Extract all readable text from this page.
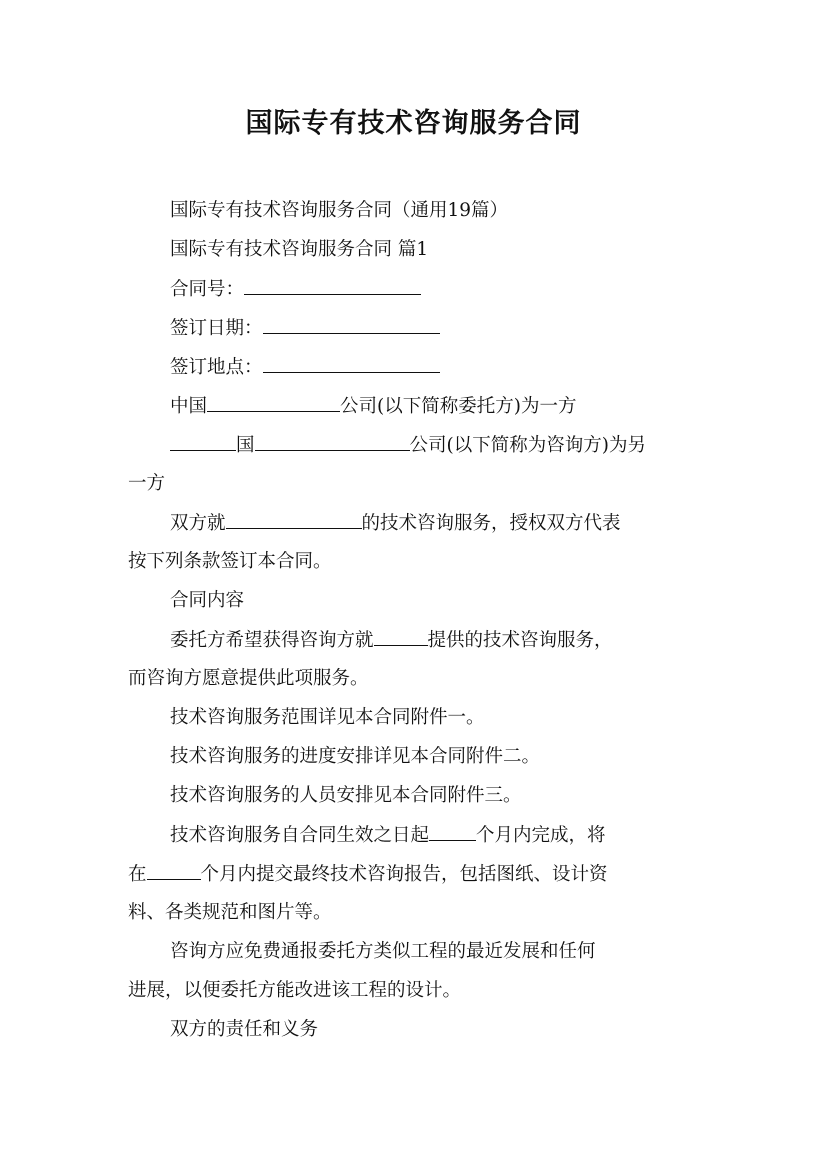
国际专有技术咨询服务合同
国际专有技术咨询服务合同（通用19篇）
国际专有技术咨询服务合同 篇1
合同号：
签订日期：
签订地点：
中国	公司(以下简称委托方)为一方
国	公司(以下简称为咨询方)为另
一方
双方就	的技术咨询服务，授权双方代表
按下列条款签订本合同。
合同内容
委托方希望获得咨询方就	提供的技术咨询服务，
而咨询方愿意提供此项服务。
技术咨询服务范围详见本合同附件一。
技术咨询服务的进度安排详见本合同附件二。
技术咨询服务的人员安排见本合同附件三。
技术咨询服务自合同生效之日起	个月内完成，将
在	个月内提交最终技术咨询报告，包括图纸、设计资
料、各类规范和图片等。
咨询方应免费通报委托方类似工程的最近发展和任何
进展，以便委托方能改进该工程的设计。
双方的责任和义务
